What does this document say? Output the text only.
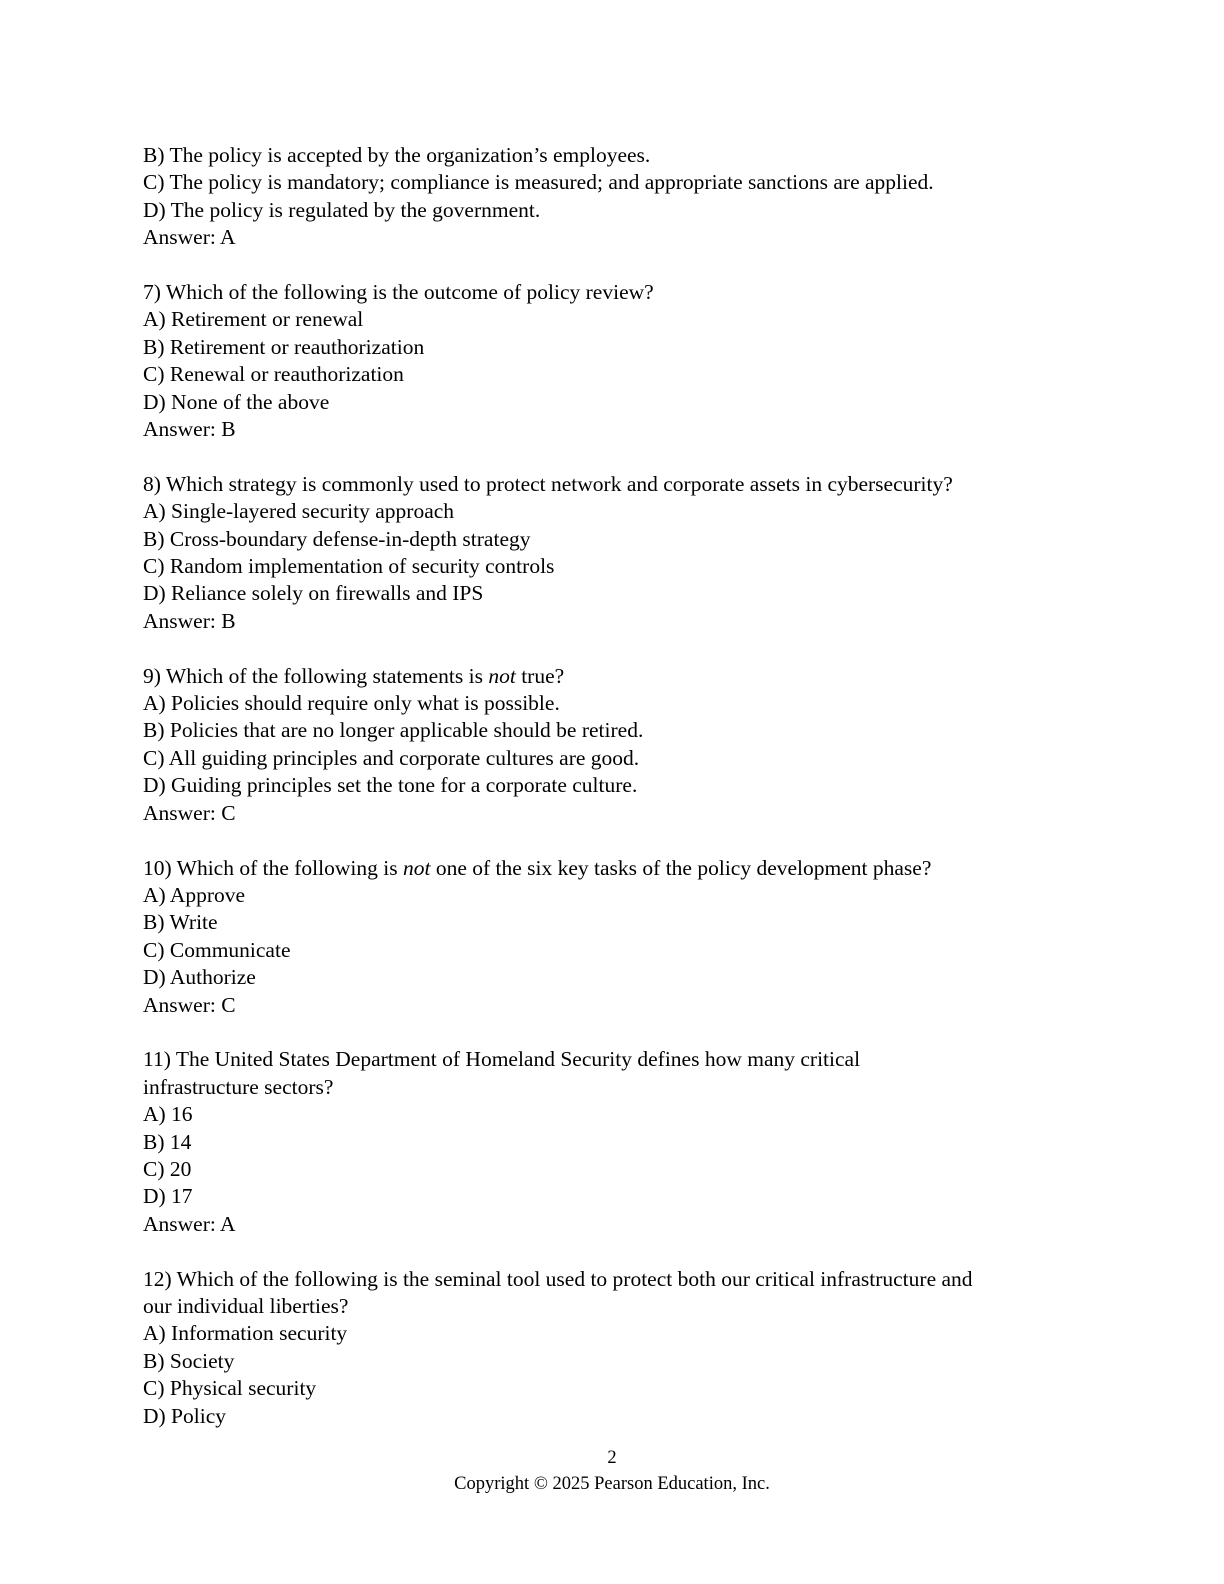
B) The policy is accepted by the organization’s employees.
C) The policy is mandatory; compliance is measured; and appropriate sanctions are applied.
D) The policy is regulated by the government.
Answer: A
7) Which of the following is the outcome of policy review?
A) Retirement or renewal
B) Retirement or reauthorization
C) Renewal or reauthorization
D) None of the above
Answer: B
8) Which strategy is commonly used to protect network and corporate assets in cybersecurity?
A) Single-layered security approach
B) Cross-boundary defense-in-depth strategy
C) Random implementation of security controls
D) Reliance solely on firewalls and IPS
Answer: B
9) Which of the following statements is not true?
A) Policies should require only what is possible.
B) Policies that are no longer applicable should be retired.
C) All guiding principles and corporate cultures are good.
D) Guiding principles set the tone for a corporate culture.
Answer: C
10) Which of the following is not one of the six key tasks of the policy development phase?
A) Approve
B) Write
C) Communicate
D) Authorize
Answer: C
11) The United States Department of Homeland Security defines how many critical
infrastructure sectors?
A) 16
B) 14
C) 20
D) 17
Answer: A
12) Which of the following is the seminal tool used to protect both our critical infrastructure and
our individual liberties?
A) Information security
B) Society
C) Physical security
D) Policy
2
Copyright © 2025 Pearson Education, Inc.
